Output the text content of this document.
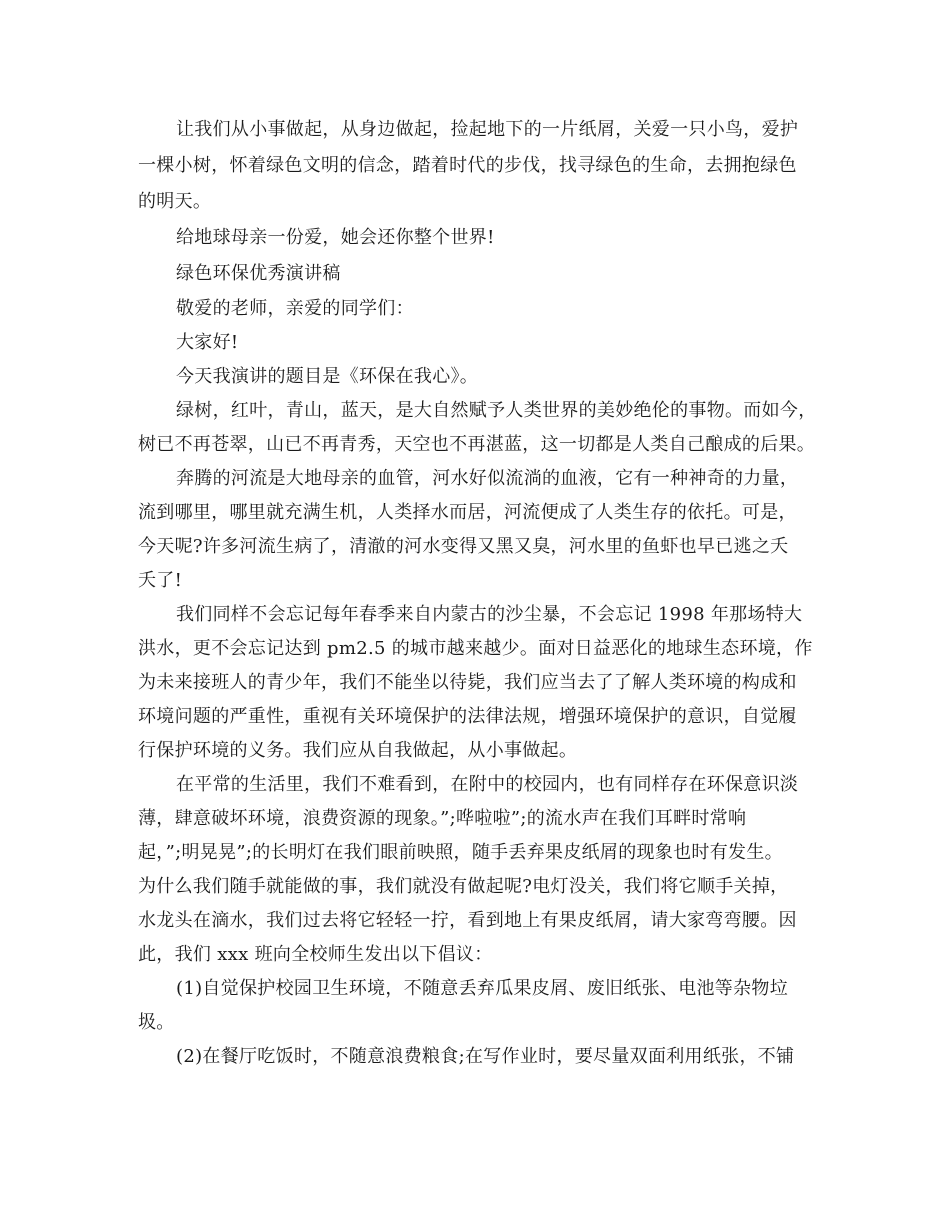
让我们从小事做起，从身边做起，捡起地下的一片纸屑，关爱一只小鸟，爱护
一棵小树，怀着绿色文明的信念，踏着时代的步伐，找寻绿色的生命，去拥抱绿色
的明天。
给地球母亲一份爱，她会还你整个世界!
绿色环保优秀演讲稿
敬爱的老师，亲爱的同学们：
大家好!
今天我演讲的题目是《环保在我心》。
绿树，红叶，青山，蓝天，是大自然赋予人类世界的美妙绝伦的事物。而如今，
树已不再苍翠，山已不再青秀，天空也不再湛蓝，这一切都是人类自己酿成的后果。
奔腾的河流是大地母亲的血管，河水好似流淌的血液，它有一种神奇的力量，
流到哪里，哪里就充满生机，人类择水而居，河流便成了人类生存的依托。可是，
今天呢?许多河流生病了，清澈的河水变得又黑又臭，河水里的鱼虾也早已逃之夭
夭了!
我们同样不会忘记每年春季来自内蒙古的沙尘暴，不会忘记 1998 年那场特大
洪水，更不会忘记达到 pm2.5 的城市越来越少。面对日益恶化的地球生态环境，作
为未来接班人的青少年，我们不能坐以待毙，我们应当去了了解人类环境的构成和
环境问题的严重性，重视有关环境保护的法律法规，增强环境保护的意识，自觉履
行保护环境的义务。我们应从自我做起，从小事做起。
在平常的生活里，我们不难看到，在附中的校园内，也有同样存在环保意识淡
薄，肆意破坏环境，浪费资源的现象。”;哗啦啦”;的流水声在我们耳畔时常响
起，”;明晃晃”;的长明灯在我们眼前映照，随手丢弃果皮纸屑的现象也时有发生。
为什么我们随手就能做的事，我们就没有做起呢?电灯没关，我们将它顺手关掉，
水龙头在滴水，我们过去将它轻轻一拧，看到地上有果皮纸屑，请大家弯弯腰。因
此，我们 xxx 班向全校师生发出以下倡议：
(1)自觉保护校园卫生环境，不随意丢弃瓜果皮屑、废旧纸张、电池等杂物垃
圾。
(2)在餐厅吃饭时，不随意浪费粮食;在写作业时，要尽量双面利用纸张，不铺
